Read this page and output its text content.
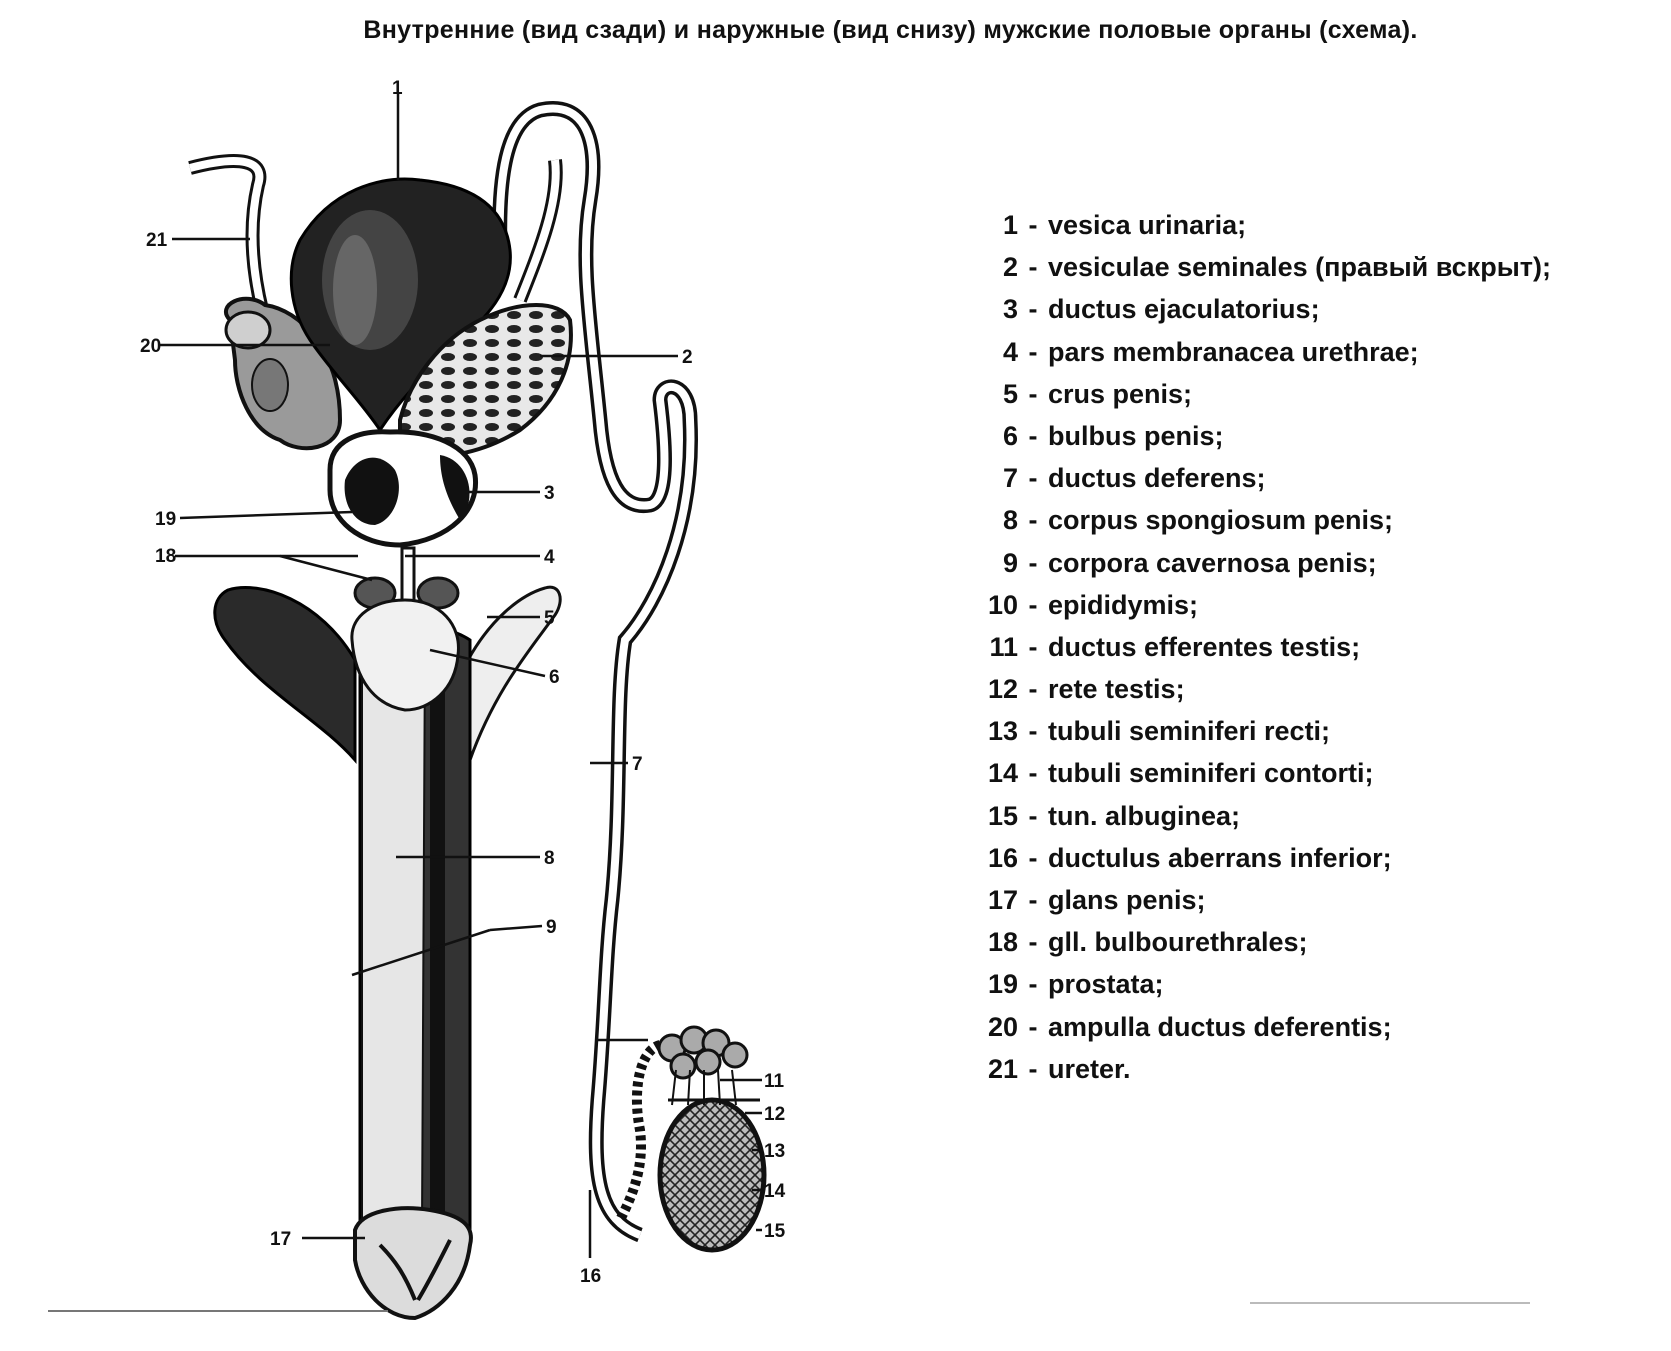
Внутренние (вид сзади) и наружные (вид снизу) мужские половые органы (схема).
1
2
3
4
5
6
7
8
9
11
12
13
14
15
16
17
18
19
20
21
1 - vesica urinaria;
2 - vesiculae seminales (правый вскрыт);
3 - ductus ejaculatorius;
4 - pars membranacea urethrae;
5 - crus penis;
6 - bulbus penis;
7 - ductus deferens;
8 - corpus spongiosum penis;
9 - corpora cavernosa penis;
10 - epididymis;
11 - ductus efferentes testis;
12 - rete testis;
13 - tubuli seminiferi recti;
14 - tubuli seminiferi contorti;
15 - tun. albuginea;
16 - ductulus aberrans inferior;
17 - glans penis;
18 - gll. bulbourethrales;
19 - prostata;
20 - ampulla ductus deferentis;
21 - ureter.
